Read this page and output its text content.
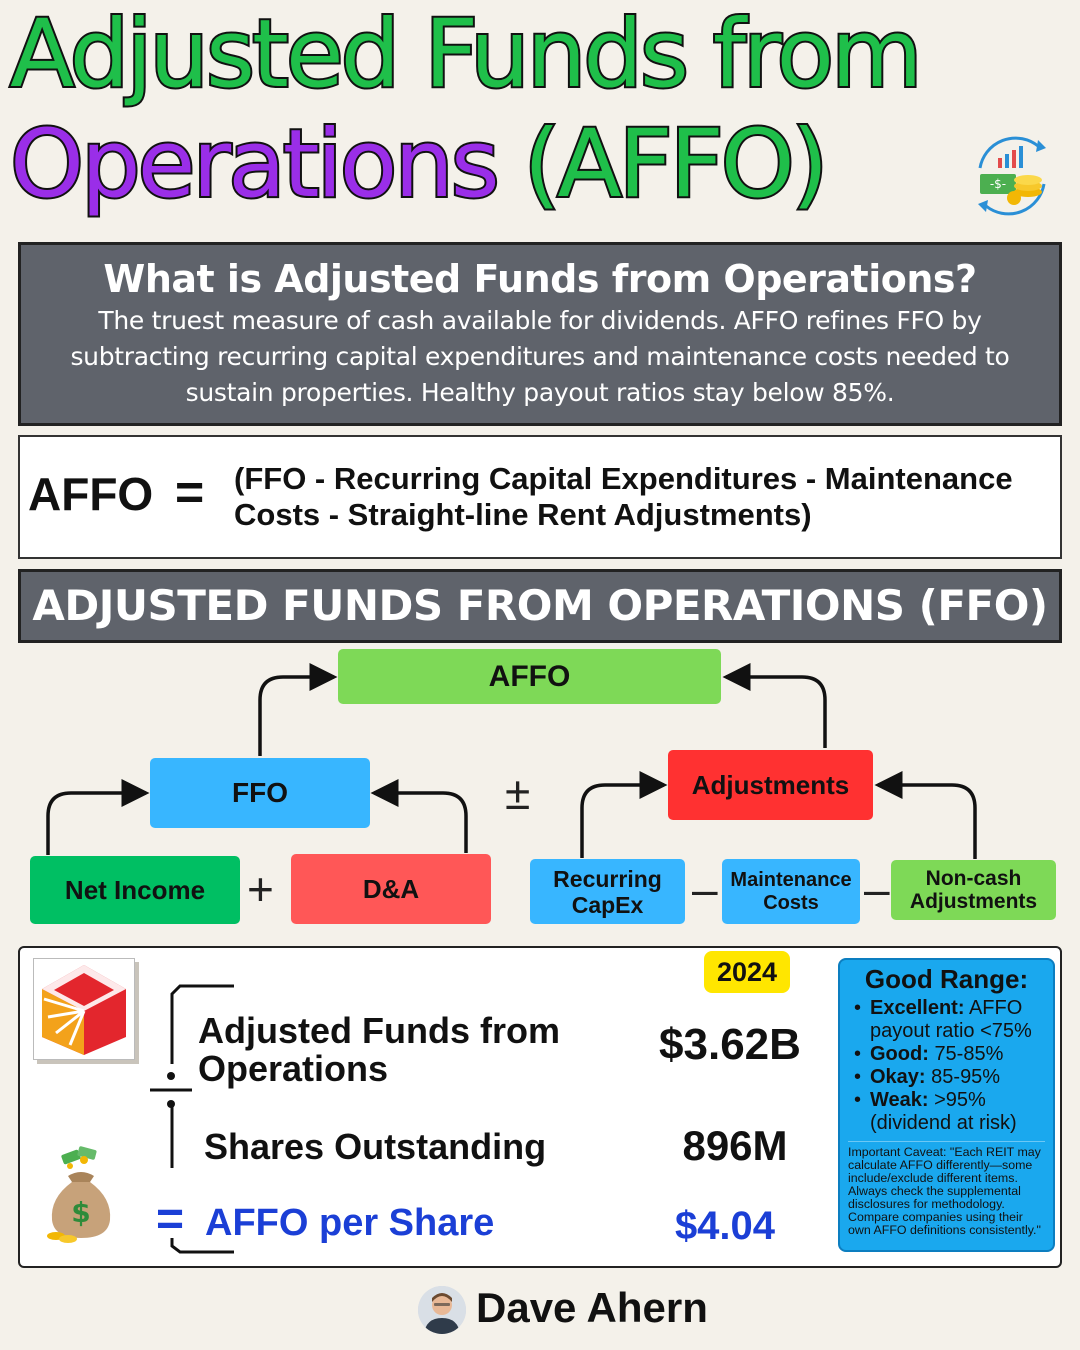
Adjusted Funds from
Operations (AFFO)	-$-
What is Adjusted Funds from Operations?
The truest measure of cash available for dividends. AFFO refines FFO by subtracting recurring capital expenditures and maintenance costs needed to sustain properties. Healthy payout ratios stay below 85%.
AFFO = (FFO - Recurring Capital Expenditures - Maintenance Costs - Straight-line Rent Adjustments)
ADJUSTED FUNDS FROM OPERATIONS (FFO)
AFFO
FFO	Adjustments
Net Income	D&A	Recurring CapEx
Maintenance Costs
Non-cash Adjustments
+
±
–	–
2024
Adjusted Funds from Operations	$3.62B
Shares Outstanding	896M
= AFFO per Share	$4.04
$
Good Range:
• Excellent: AFFO payout ratio <75%
• Good: 75-85%
• Okay: 85-95%
• Weak: >95% (dividend at risk)
Important Caveat: "Each REIT may calculate AFFO differently—some include/exclude different items. Always check the supplemental disclosures for methodology. Compare companies using their own AFFO definitions consistently."
Dave Ahern
